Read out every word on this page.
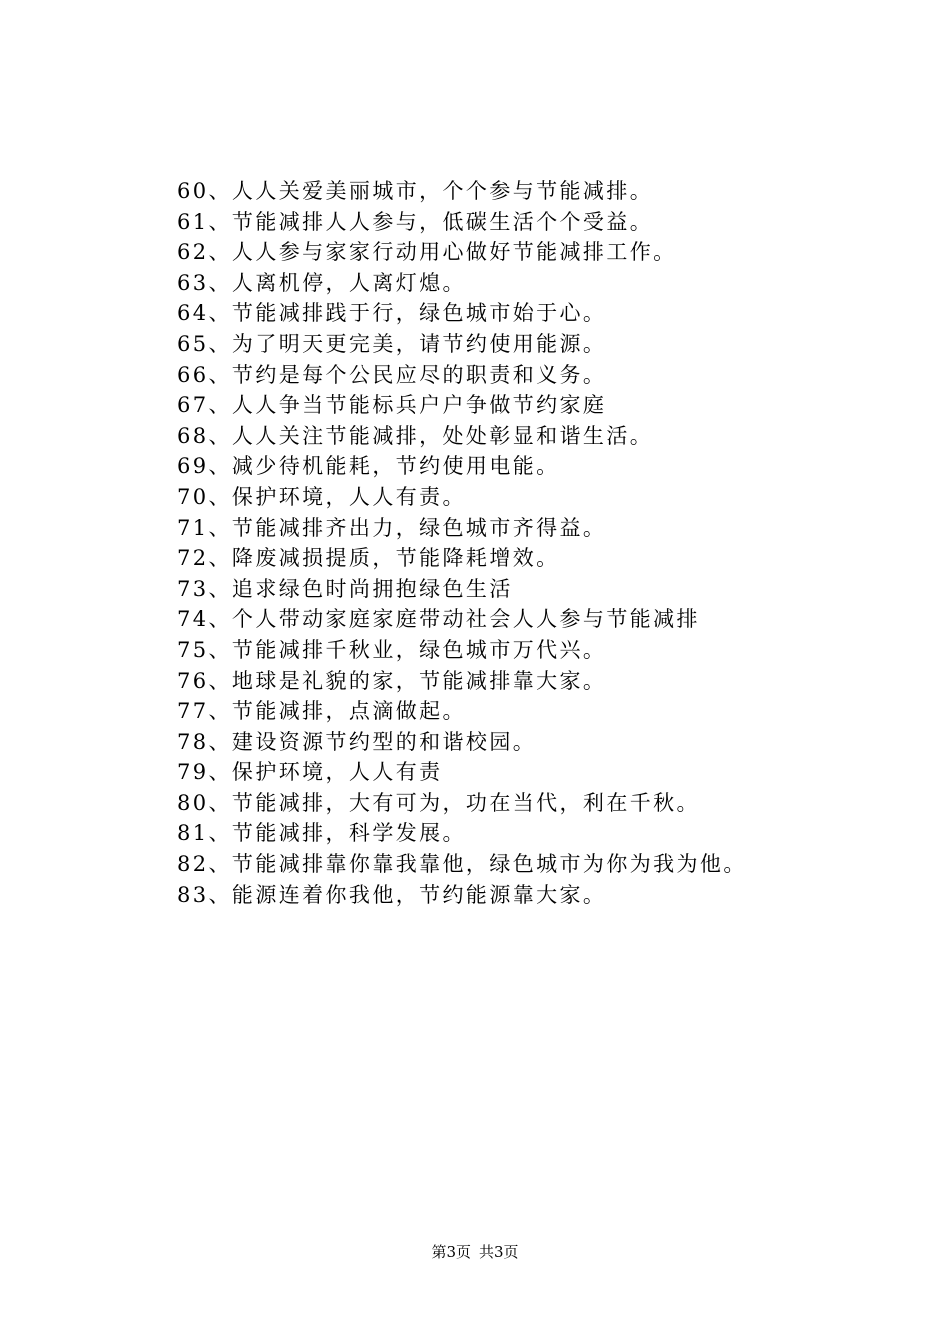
60、人人关爱美丽城市，个个参与节能减排。
61、节能减排人人参与，低碳生活个个受益。
62、人人参与家家行动用心做好节能减排工作。
63、人离机停，人离灯熄。
64、节能减排践于行，绿色城市始于心。
65、为了明天更完美，请节约使用能源。
66、节约是每个公民应尽的职责和义务。
67、人人争当节能标兵户户争做节约家庭
68、人人关注节能减排，处处彰显和谐生活。
69、减少待机能耗，节约使用电能。
70、保护环境，人人有责。
71、节能减排齐出力，绿色城市齐得益。
72、降废减损提质，节能降耗增效。
73、追求绿色时尚拥抱绿色生活
74、个人带动家庭家庭带动社会人人参与节能减排
75、节能减排千秋业，绿色城市万代兴。
76、地球是礼貌的家，节能减排靠大家。
77、节能减排，点滴做起。
78、建设资源节约型的和谐校园。
79、保护环境，人人有责
80、节能减排，大有可为，功在当代，利在千秋。
81、节能减排，科学发展。
82、节能减排靠你靠我靠他，绿色城市为你为我为他。
83、能源连着你我他，节约能源靠大家。
第3页 共3页
